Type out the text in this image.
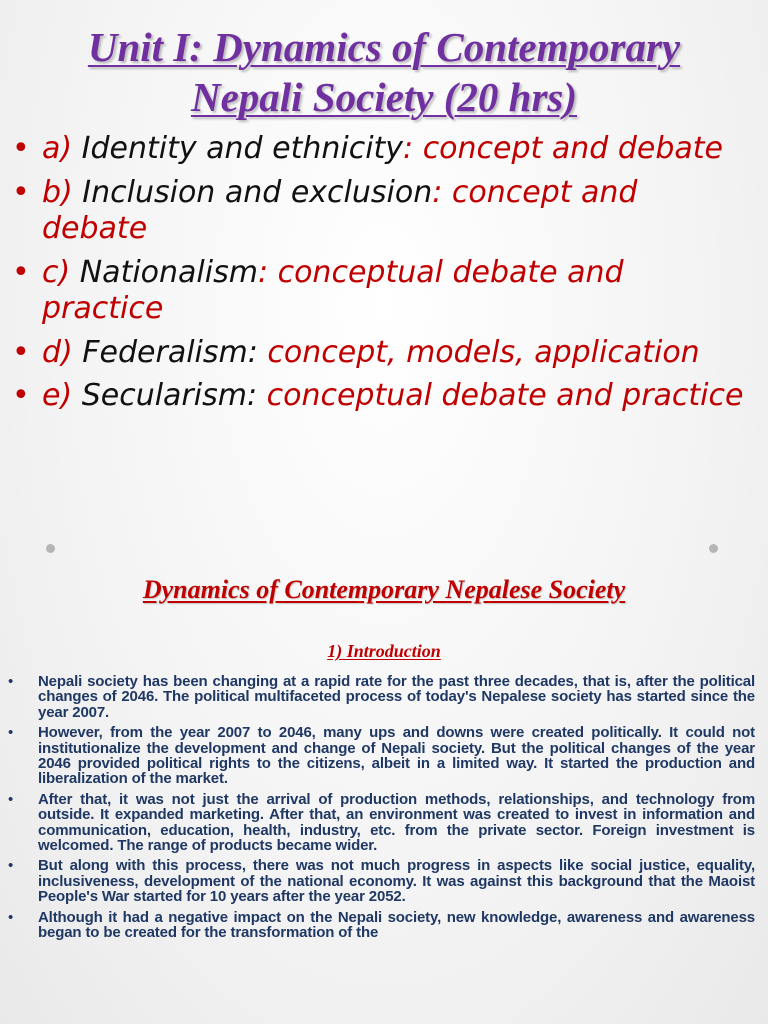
Unit I: Dynamics of Contemporary
Nepali Society (20 hrs)
• a) Identity and ethnicity: concept and debate
• b) Inclusion and exclusion: concept and debate
• c) Nationalism: conceptual debate and practice
• d) Federalism: concept, models, application
• e) Secularism: conceptual debate and practice
Dynamics of Contemporary Nepalese Society
1) Introduction
• Nepali society has been changing at a rapid rate for the past three decades, that is, after the political changes of 2046. The political multifaceted process of today's Nepalese society has started since the year 2007.
• However, from the year 2007 to 2046, many ups and downs were created politically. It could not institutionalize the development and change of Nepali society. But the political changes of the year 2046 provided political rights to the citizens, albeit in a limited way. It started the production and liberalization of the market.
• After that, it was not just the arrival of production methods, relationships, and technology from outside. It expanded marketing. After that, an environment was created to invest in information and communication, education, health, industry, etc. from the private sector. Foreign investment is welcomed. The range of products became wider.
• But along with this process, there was not much progress in aspects like social justice, equality, inclusiveness, development of the national economy. It was against this background that the Maoist People's War started for 10 years after the year 2052.
• Although it had a negative impact on the Nepali society, new knowledge, awareness and awareness began to be created for the transformation of the
